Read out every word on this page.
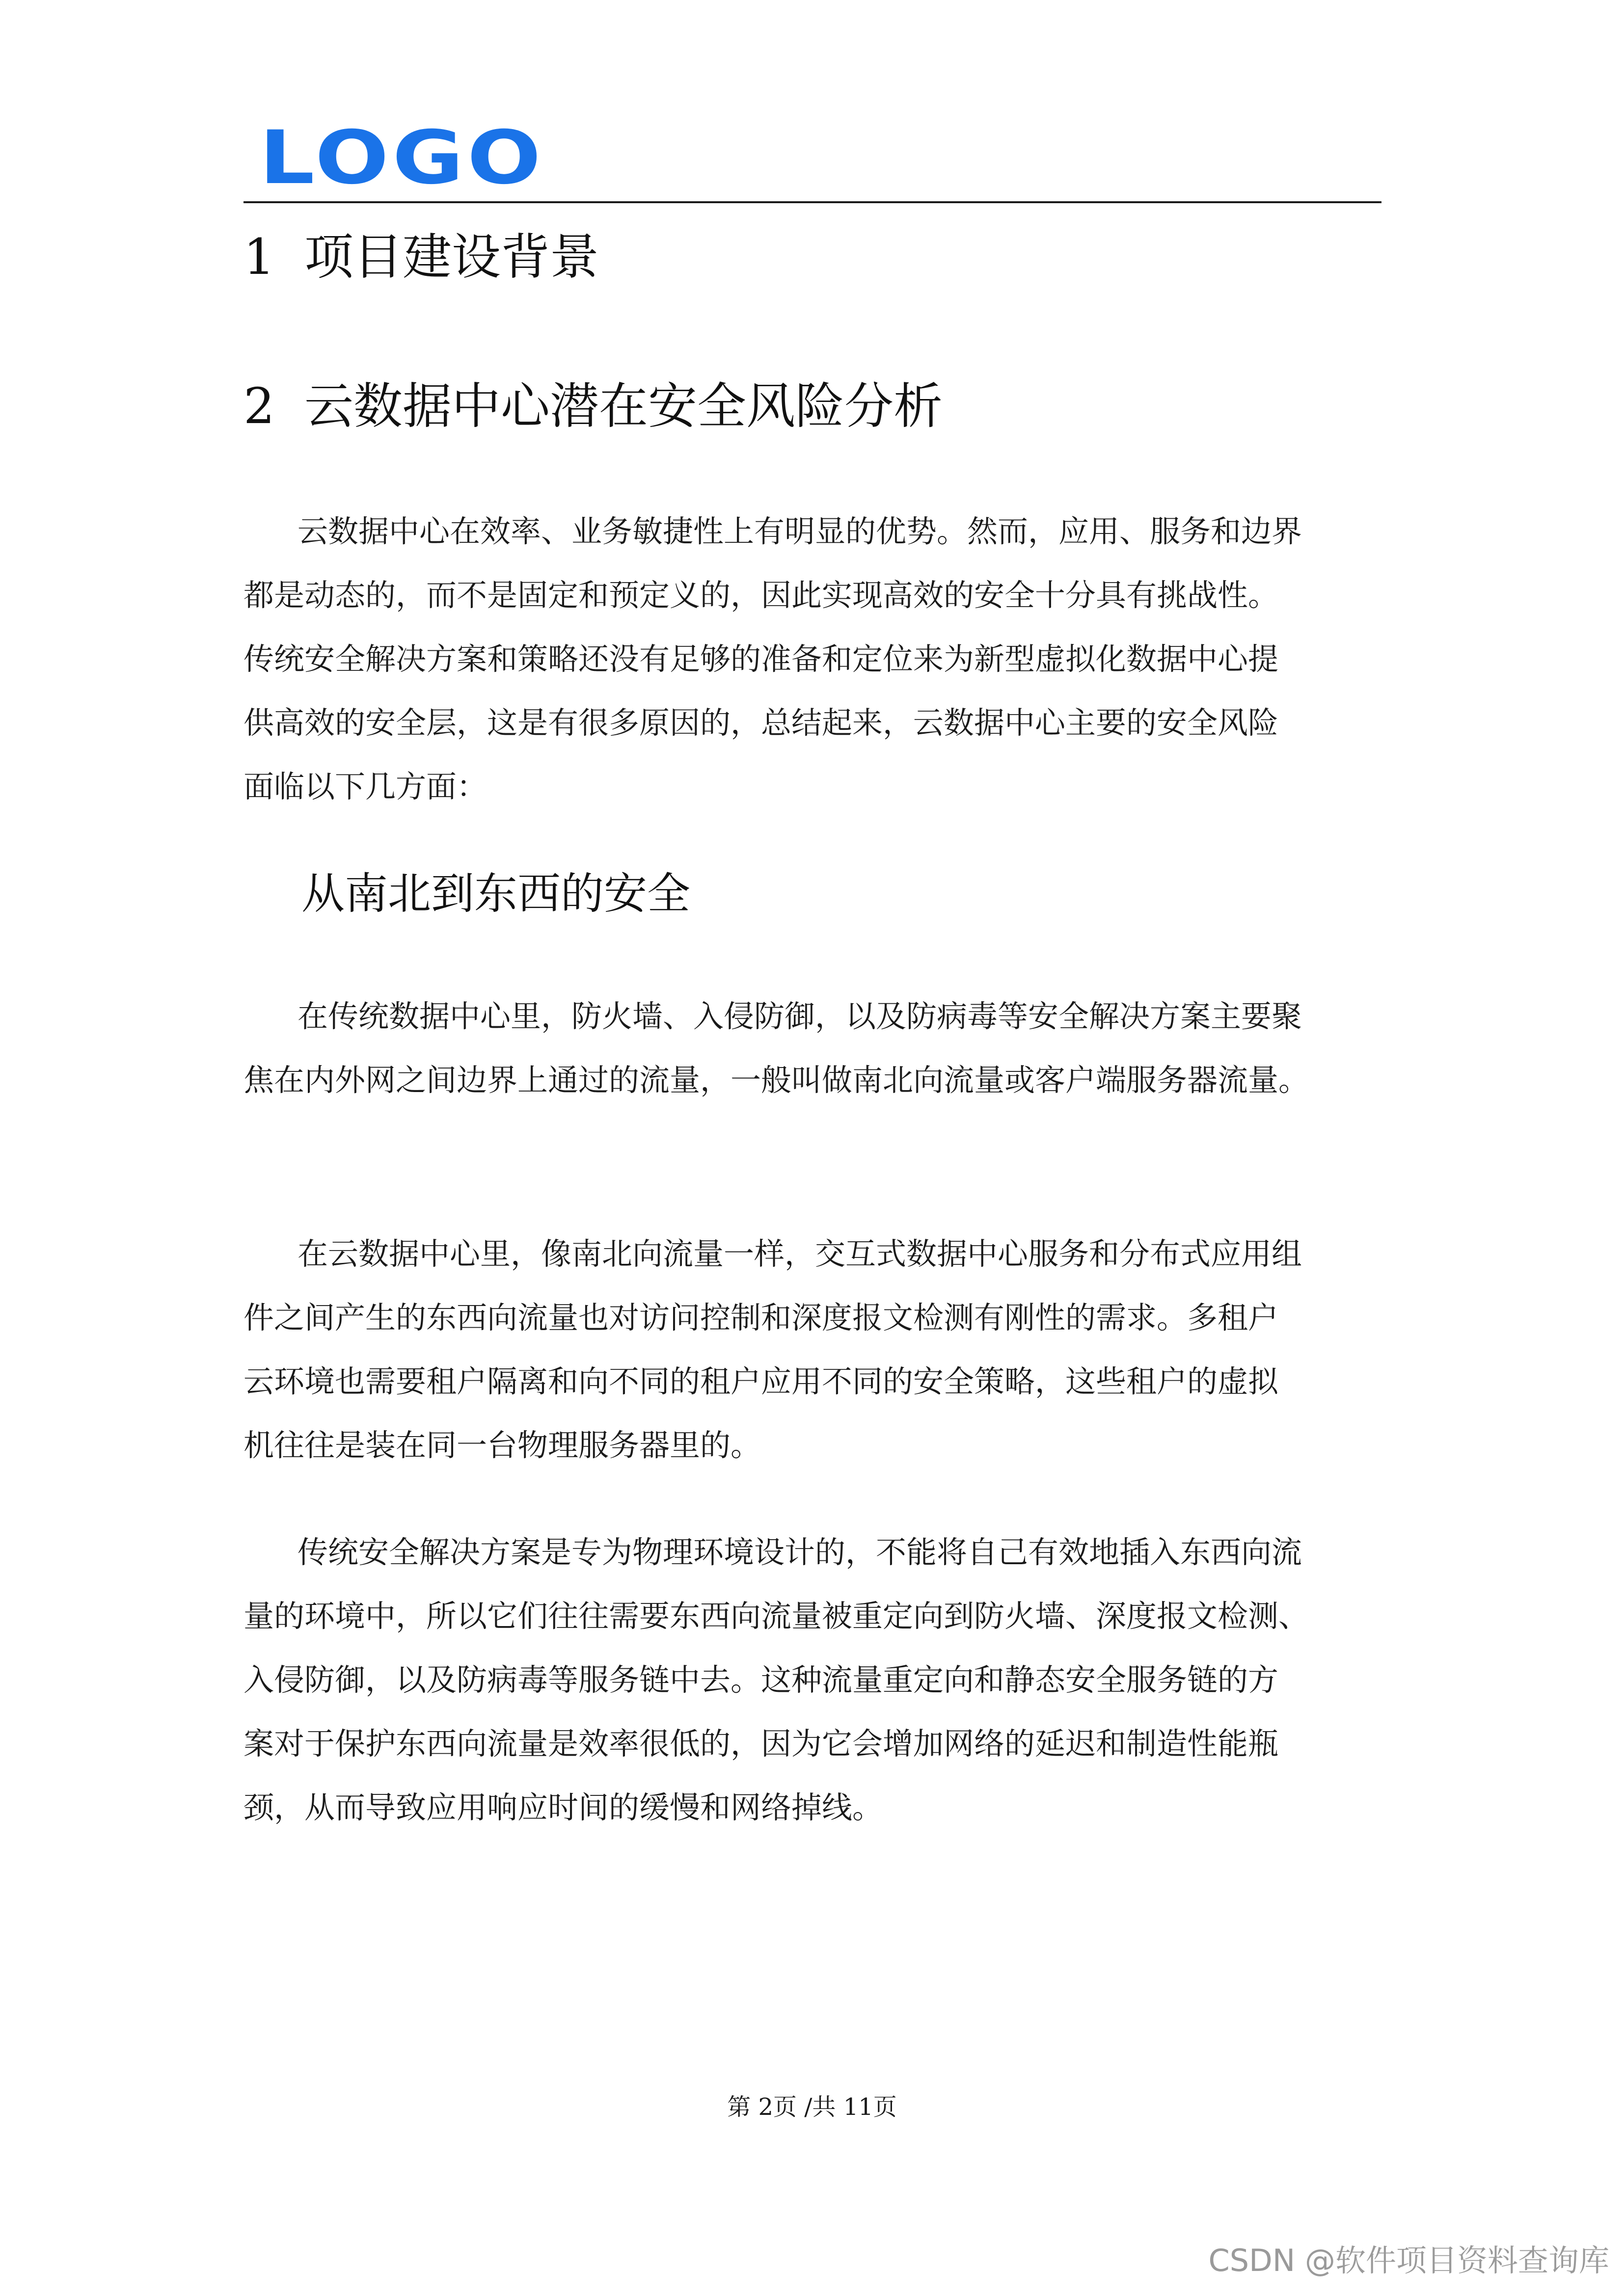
LOGO
1 项目建设背景
2 云数据中心潜在安全风险分析
云数据中心在效率、业务敏捷性上有明显的优势。然而，应用、服务和边界
都是动态的，而不是固定和预定义的，因此实现高效的安全十分具有挑战性。
传统安全解决方案和策略还没有足够的准备和定位来为新型虚拟化数据中心提
供高效的安全层，这是有很多原因的，总结起来，云数据中心主要的安全风险
面临以下几方面：
从南北到东西的安全
在传统数据中心里，防火墙、入侵防御，以及防病毒等安全解决方案主要聚
焦在内外网之间边界上通过的流量，一般叫做南北向流量或客户端服务器流量。
在云数据中心里，像南北向流量一样，交互式数据中心服务和分布式应用组
件之间产生的东西向流量也对访问控制和深度报文检测有刚性的需求。多租户
云环境也需要租户隔离和向不同的租户应用不同的安全策略，这些租户的虚拟
机往往是装在同一台物理服务器里的。
传统安全解决方案是专为物理环境设计的，不能将自己有效地插入东西向流
量的环境中，所以它们往往需要东西向流量被重定向到防火墙、深度报文检测、
入侵防御，以及防病毒等服务链中去。这种流量重定向和静态安全服务链的方
案对于保护东西向流量是效率很低的，因为它会增加网络的延迟和制造性能瓶
颈，从而导致应用响应时间的缓慢和网络掉线。
第 2页 /共 11页
CSDN @软件项目资料查询库
